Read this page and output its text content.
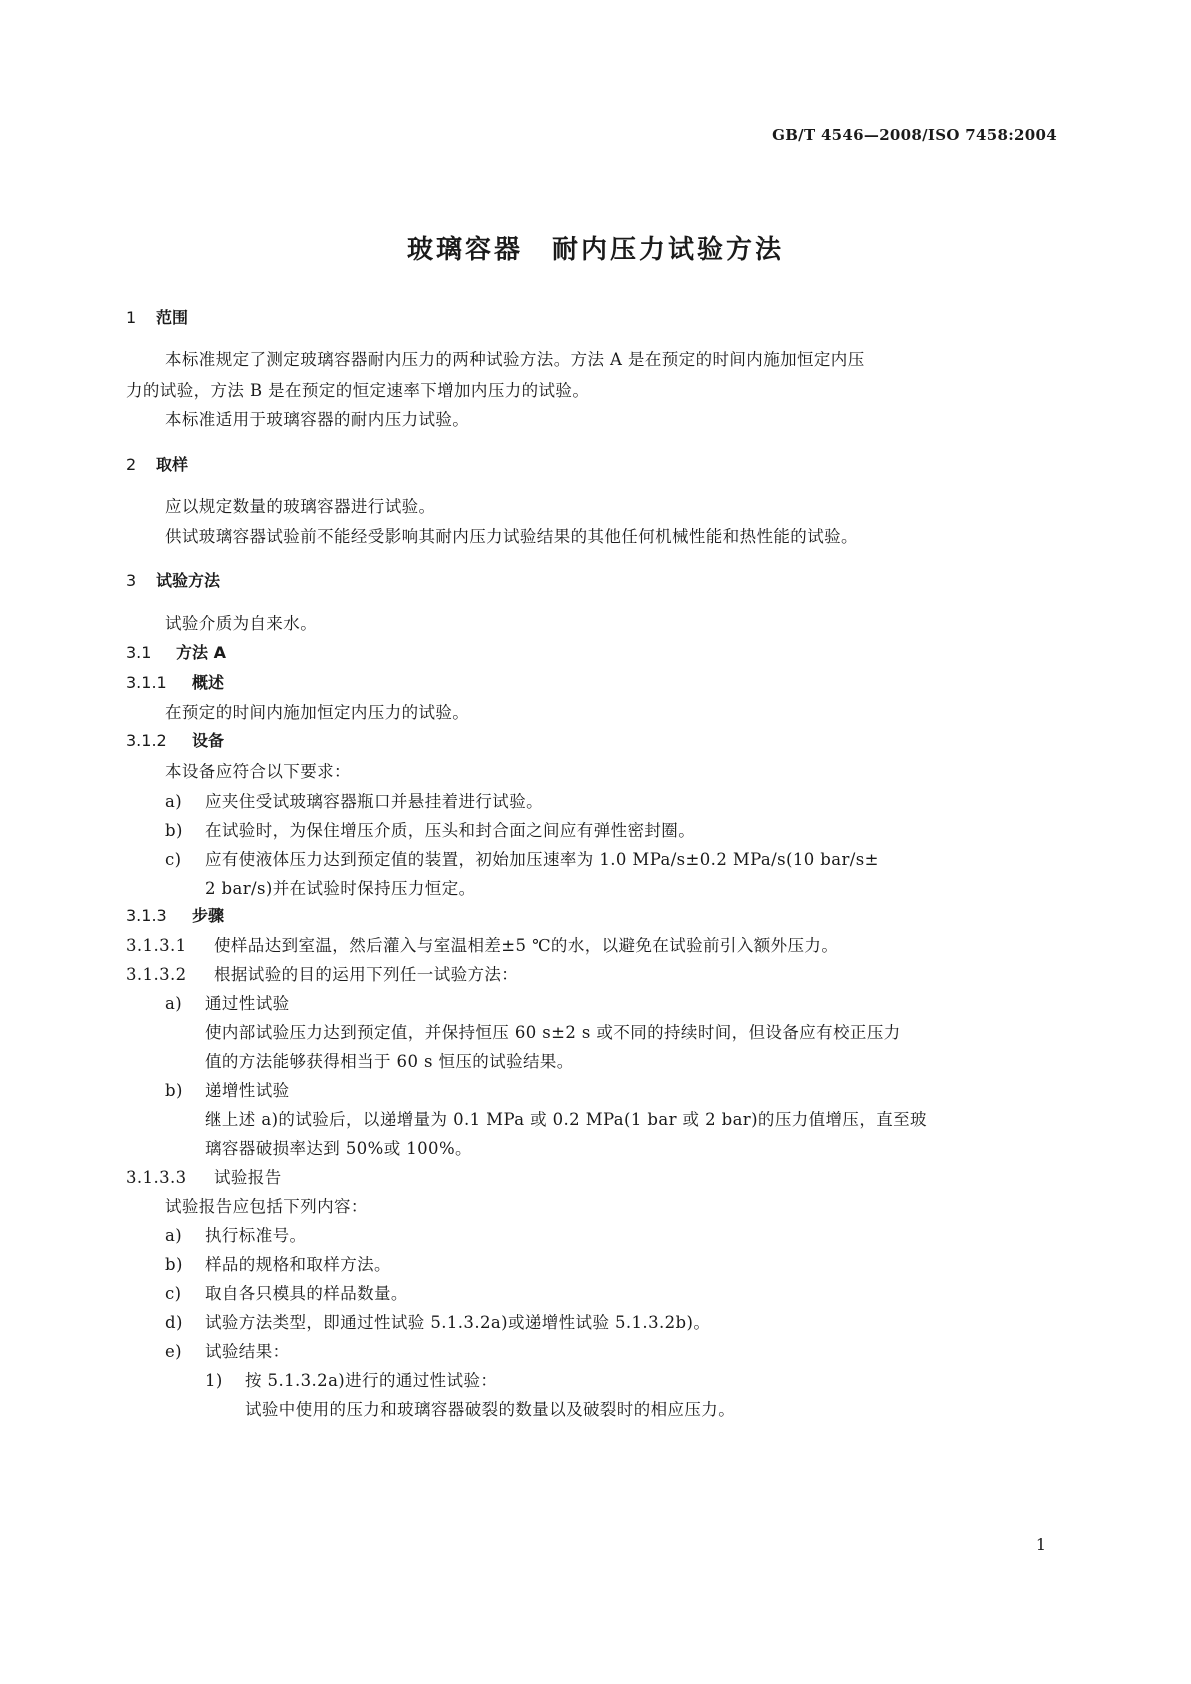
GB/T 4546—2008/ISO 7458:2004
玻璃容器　耐内压力试验方法
1 范围
本标准规定了测定玻璃容器耐内压力的两种试验方法。方法 A 是在预定的时间内施加恒定内压
力的试验，方法 B 是在预定的恒定速率下增加内压力的试验。
本标准适用于玻璃容器的耐内压力试验。
2 取样
应以规定数量的玻璃容器进行试验。
供试玻璃容器试验前不能经受影响其耐内压力试验结果的其他任何机械性能和热性能的试验。
3 试验方法
试验介质为自来水。
3.1 方法 A
3.1.1 概述
在预定的时间内施加恒定内压力的试验。
3.1.2 设备
本设备应符合以下要求：
a) 应夹住受试玻璃容器瓶口并悬挂着进行试验。
b) 在试验时，为保住增压介质，压头和封合面之间应有弹性密封圈。
c) 应有使液体压力达到预定值的装置，初始加压速率为 1.0 MPa/s±0.2 MPa/s(10 bar/s±
2 bar/s)并在试验时保持压力恒定。
3.1.3 步骤
3.1.3.1 使样品达到室温，然后灌入与室温相差±5 ℃的水，以避免在试验前引入额外压力。
3.1.3.2 根据试验的目的运用下列任一试验方法：
a) 通过性试验
使内部试验压力达到预定值，并保持恒压 60 s±2 s 或不同的持续时间，但设备应有校正压力
值的方法能够获得相当于 60 s 恒压的试验结果。
b) 递增性试验
继上述 a)的试验后，以递增量为 0.1 MPa 或 0.2 MPa(1 bar 或 2 bar)的压力值增压，直至玻
璃容器破损率达到 50%或 100%。
3.1.3.3 试验报告
试验报告应包括下列内容：
a) 执行标准号。
b) 样品的规格和取样方法。
c) 取自各只模具的样品数量。
d) 试验方法类型，即通过性试验 5.1.3.2a)或递增性试验 5.1.3.2b)。
e) 试验结果：
1) 按 5.1.3.2a)进行的通过性试验：
试验中使用的压力和玻璃容器破裂的数量以及破裂时的相应压力。
1
